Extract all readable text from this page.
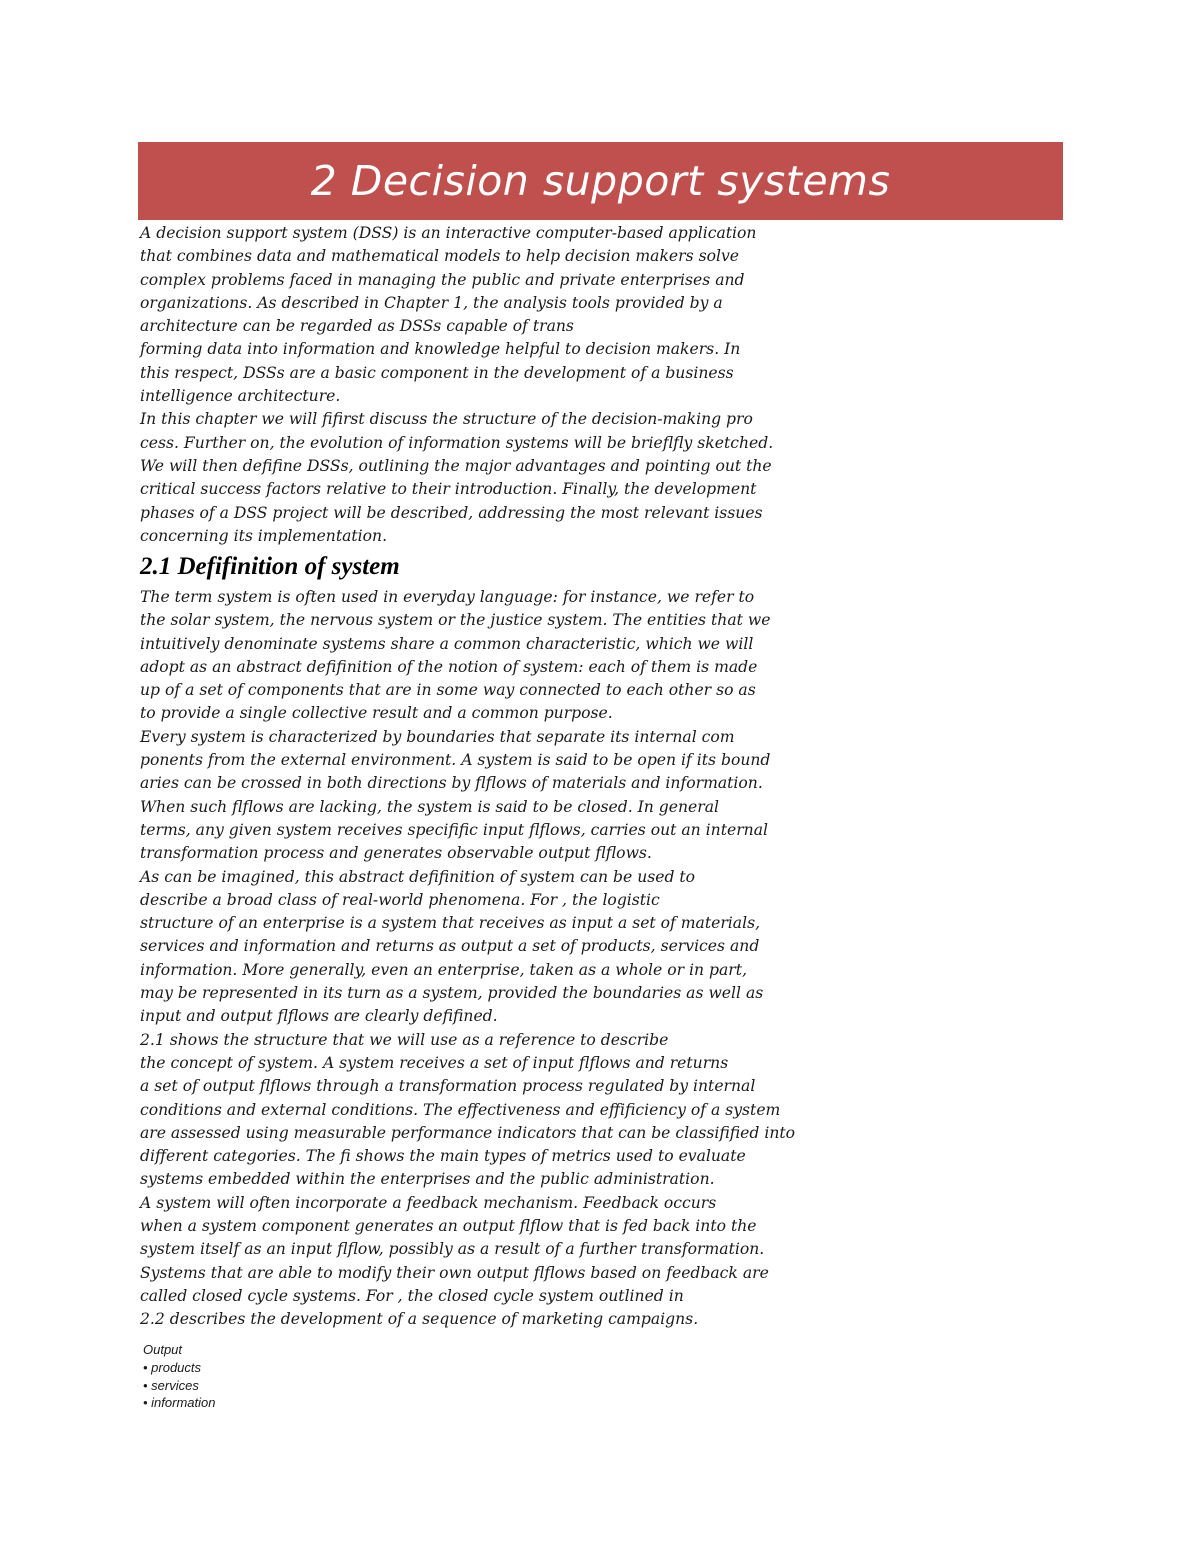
2 Decision support systems
A decision support system (DSS) is an interactive computer-based application
that combines data and mathematical models to help decision makers solve
complex problems faced in managing the public and private enterprises and
organizations. As described in Chapter 1, the analysis tools provided by a
architecture can be regarded as DSSs capable of trans
forming data into information and knowledge helpful to decision makers. In
this respect, DSSs are a basic component in the development of a business
intelligence architecture.
In this chapter we will fifirst discuss the structure of the decision-making pro
cess. Further on, the evolution of information systems will be brieflfly sketched.
We will then defifine DSSs, outlining the major advantages and pointing out the
critical success factors relative to their introduction. Finally, the development
phases of a DSS project will be described, addressing the most relevant issues
concerning its implementation.
2.1 Defifinition of system
The term system is often used in everyday language: for instance, we refer to
the solar system, the nervous system or the justice system. The entities that we
intuitively denominate systems share a common characteristic, which we will
adopt as an abstract defifinition of the notion of system: each of them is made
up of a set of components that are in some way connected to each other so as
to provide a single collective result and a common purpose.
Every system is characterized by boundaries that separate its internal com
ponents from the external environment. A system is said to be open if its bound
aries can be crossed in both directions by flflows of materials and information.
When such flflows are lacking, the system is said to be closed. In general
terms, any given system receives specifific input flflows, carries out an internal
transformation process and generates observable output flflows.
As can be imagined, this abstract defifinition of system can be used to
describe a broad class of real-world phenomena. For , the logistic
structure of an enterprise is a system that receives as input a set of materials,
services and information and returns as output a set of products, services and
information. More generally, even an enterprise, taken as a whole or in part,
may be represented in its turn as a system, provided the boundaries as well as
input and output flflows are clearly defifined.
2.1 shows the structure that we will use as a reference to describe
the concept of system. A system receives a set of input flflows and returns
a set of output flflows through a transformation process regulated by internal
conditions and external conditions. The effectiveness and effificiency of a system
are assessed using measurable performance indicators that can be classifified into
different categories. The fi shows the main types of metrics used to evaluate
systems embedded within the enterprises and the public administration.
A system will often incorporate a feedback mechanism. Feedback occurs
when a system component generates an output flflow that is fed back into the
system itself as an input flflow, possibly as a result of a further transformation.
Systems that are able to modify their own output flflows based on feedback are
called closed cycle systems. For , the closed cycle system outlined in
2.2 describes the development of a sequence of marketing campaigns.
Output
• products
• services
• information
